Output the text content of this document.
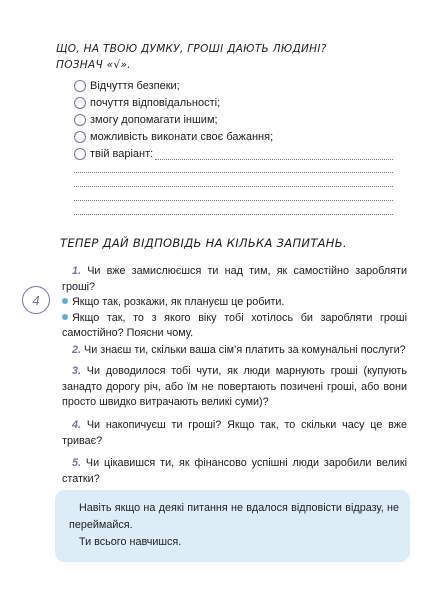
ЩО, НА ТВОЮ ДУМКУ, ГРОШІ ДАЮТЬ ЛЮДИНІ?
ПОЗНАЧ «√».
Відчуття безпеки;
почуття відповідальності;
змогу допомагати іншим;
можливість виконати своє бажання;
твій варіант:
ТЕПЕР ДАЙ ВІДПОВІДЬ НА КІЛЬКА ЗАПИТАНЬ.
4
1. Чи вже замислюєшся ти над тим, як самостійно заробляти гроші?
Якщо так, розкажи, як плануєш це робити.
Якщо так, то з якого віку тобі хотілось би заробляти гроші самостійно? Поясни чому.
2. Чи знаєш ти, скільки ваша сім’я платить за комунальні послуги?
3. Чи доводилося тобі чути, як люди марнують гроші (купують занадто дорогу річ, або їм не повертають позичені гроші, або вони просто швидко витрачають великі суми)?
4. Чи накопичуєш ти гроші? Якщо так, то скільки часу це вже триває?
5. Чи цікавишся ти, як фінансово успішні люди заробили великі статки?
Навіть якщо на деякі питання не вдалося відповісти відразу, не переймайся.
Ти всього навчишся.
